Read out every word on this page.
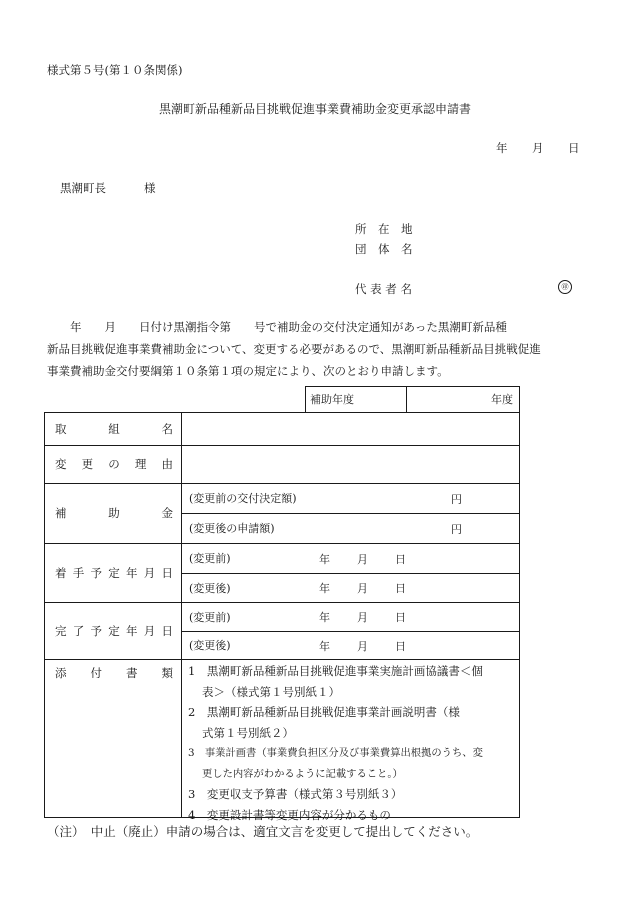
様式第５号(第１０条関係)
黒潮町新品種新品目挑戦促進事業費補助金変更承認申請書
年 月 日
黒潮町長	様
所　在　地
団　体　名
代 表 者 名	㊞

　　年　　月　　日付け黒潮指令第　　号で補助金の交付決定通知があった黒潮町新品種

新品目挑戦促進事業費補助金について、変更する必要があるので、黒潮町新品種新品目挑戦促進

事業費補助金交付要綱第１０条第１項の規定により、次のとおり申請します。

補助年度	年度
取	組	名
変 更 の 理 由
補	助	金
(変更前の交付決定額)	円
(変更後の申請額)	円
着 手 予 定 年 月 日
(変更前)	年 月 日
(変更後)	年 月 日
完 了 予 定 年 月 日
(変更前)	年 月 日
(変更後)	年 月 日
添 付 書 類 1　黒潮町新品種新品目挑戦促進事業実施計画協議書＜個
表＞（様式第１号別紙１）
2　黒潮町新品種新品目挑戦促進事業計画説明書（様
式第１号別紙２）
3　事業計画書（事業費負担区分及び事業費算出根拠のうち、変
更した内容がわかるように記載すること。）
3　変更収支予算書（様式第３号別紙３）
4　変更設計書等変更内容が分かるもの
（注）　中止（廃止）申請の場合は、適宜文言を変更して提出してください。
